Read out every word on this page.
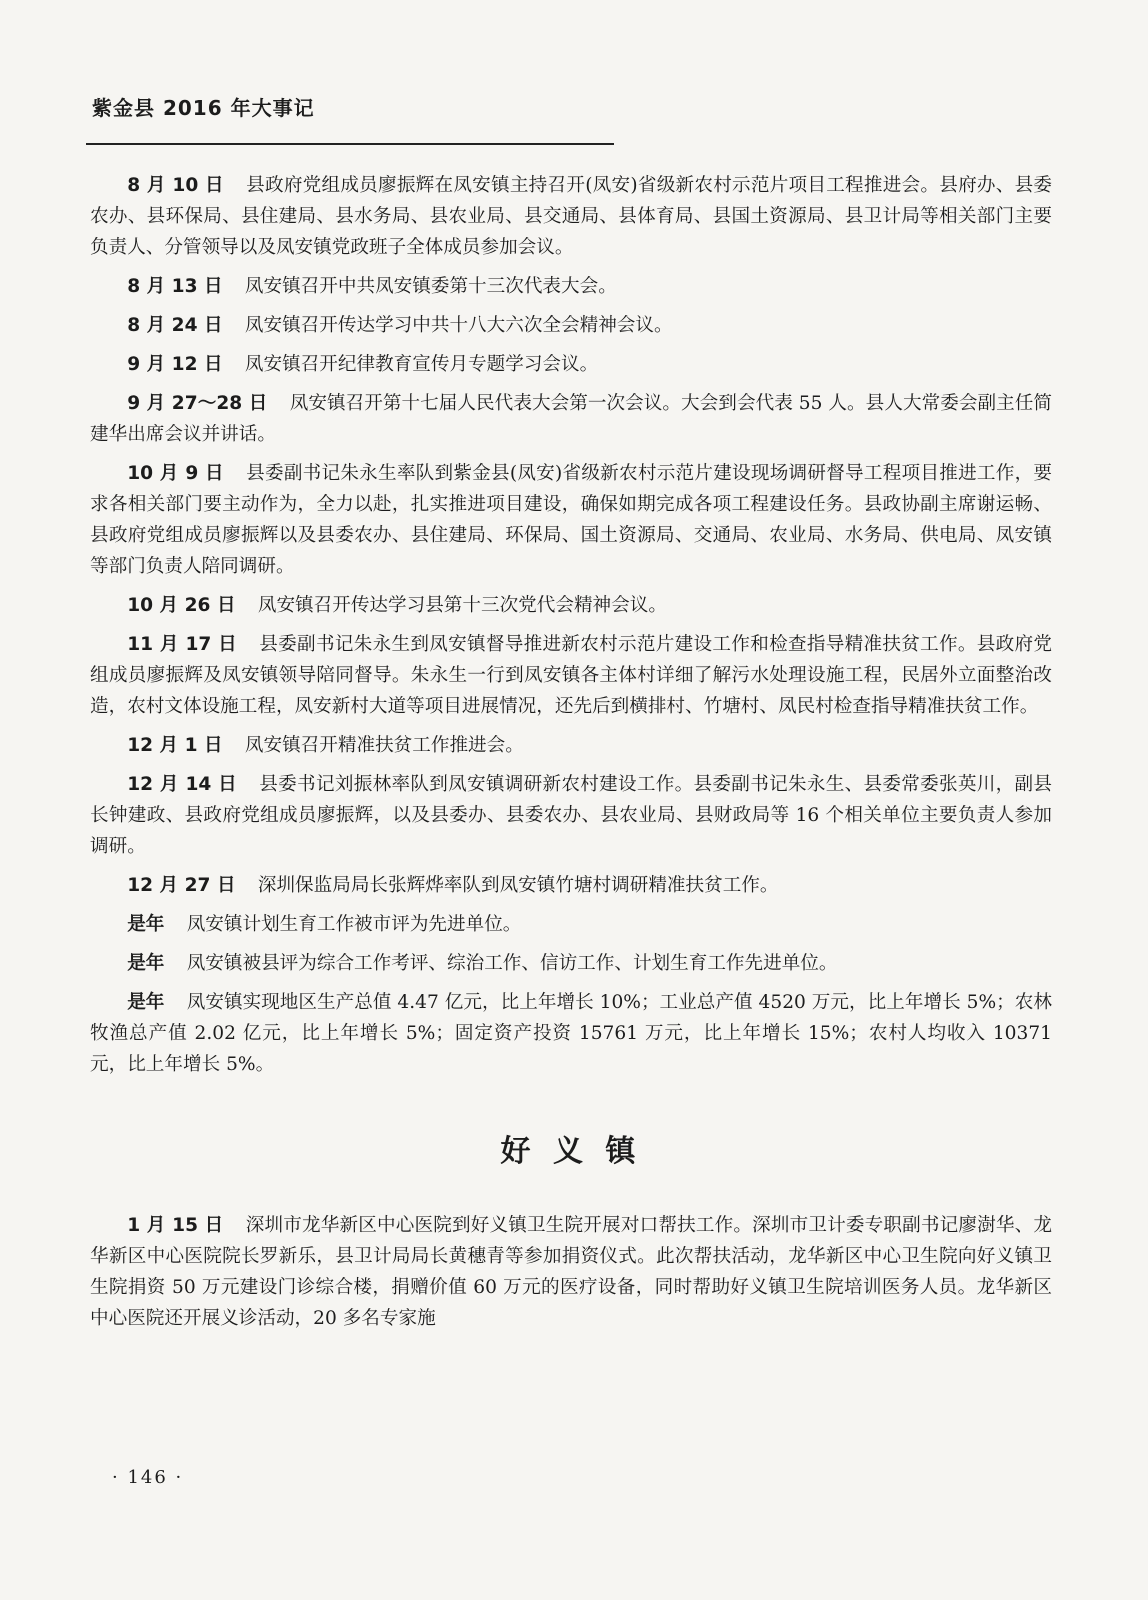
紫金县 2016 年大事记

8 月 10 日 县政府党组成员廖振辉在凤安镇主持召开(凤安)省级新农村示范片项目工程推进会。县府办、县委农办、县环保局、县住建局、县水务局、县农业局、县交通局、县体育局、县国土资源局、县卫计局等相关部门主要负责人、分管领导以及凤安镇党政班子全体成员参加会议。

8 月 13 日 凤安镇召开中共凤安镇委第十三次代表大会。

8 月 24 日 凤安镇召开传达学习中共十八大六次全会精神会议。

9 月 12 日 凤安镇召开纪律教育宣传月专题学习会议。

9 月 27～28 日 凤安镇召开第十七届人民代表大会第一次会议。大会到会代表 55 人。县人大常委会副主任简建华出席会议并讲话。

10 月 9 日 县委副书记朱永生率队到紫金县(凤安)省级新农村示范片建设现场调研督导工程项目推进工作，要求各相关部门要主动作为，全力以赴，扎实推进项目建设，确保如期完成各项工程建设任务。县政协副主席谢运畅、县政府党组成员廖振辉以及县委农办、县住建局、环保局、国土资源局、交通局、农业局、水务局、供电局、凤安镇等部门负责人陪同调研。

10 月 26 日 凤安镇召开传达学习县第十三次党代会精神会议。

11 月 17 日 县委副书记朱永生到凤安镇督导推进新农村示范片建设工作和检查指导精准扶贫工作。县政府党组成员廖振辉及凤安镇领导陪同督导。朱永生一行到凤安镇各主体村详细了解污水处理设施工程，民居外立面整治改造，农村文体设施工程，凤安新村大道等项目进展情况，还先后到横排村、竹塘村、凤民村检查指导精准扶贫工作。

12 月 1 日 凤安镇召开精准扶贫工作推进会。

12 月 14 日 县委书记刘振林率队到凤安镇调研新农村建设工作。县委副书记朱永生、县委常委张英川，副县长钟建政、县政府党组成员廖振辉，以及县委办、县委农办、县农业局、县财政局等 16 个相关单位主要负责人参加调研。

12 月 27 日 深圳保监局局长张辉烨率队到凤安镇竹塘村调研精准扶贫工作。

是年 凤安镇计划生育工作被市评为先进单位。

是年 凤安镇被县评为综合工作考评、综治工作、信访工作、计划生育工作先进单位。

是年 凤安镇实现地区生产总值 4.47 亿元，比上年增长 10%；工业总产值 4520 万元，比上年增长 5%；农林牧渔总产值 2.02 亿元，比上年增长 5%；固定资产投资 15761 万元，比上年增长 15%；农村人均收入 10371 元，比上年增长 5%。

好 义 镇

1 月 15 日 深圳市龙华新区中心医院到好义镇卫生院开展对口帮扶工作。深圳市卫计委专职副书记廖澍华、龙华新区中心医院院长罗新乐，县卫计局局长黄穗青等参加捐资仪式。此次帮扶活动，龙华新区中心卫生院向好义镇卫生院捐资 50 万元建设门诊综合楼，捐赠价值 60 万元的医疗设备，同时帮助好义镇卫生院培训医务人员。龙华新区中心医院还开展义诊活动，20 多名专家施

· 146 ·
